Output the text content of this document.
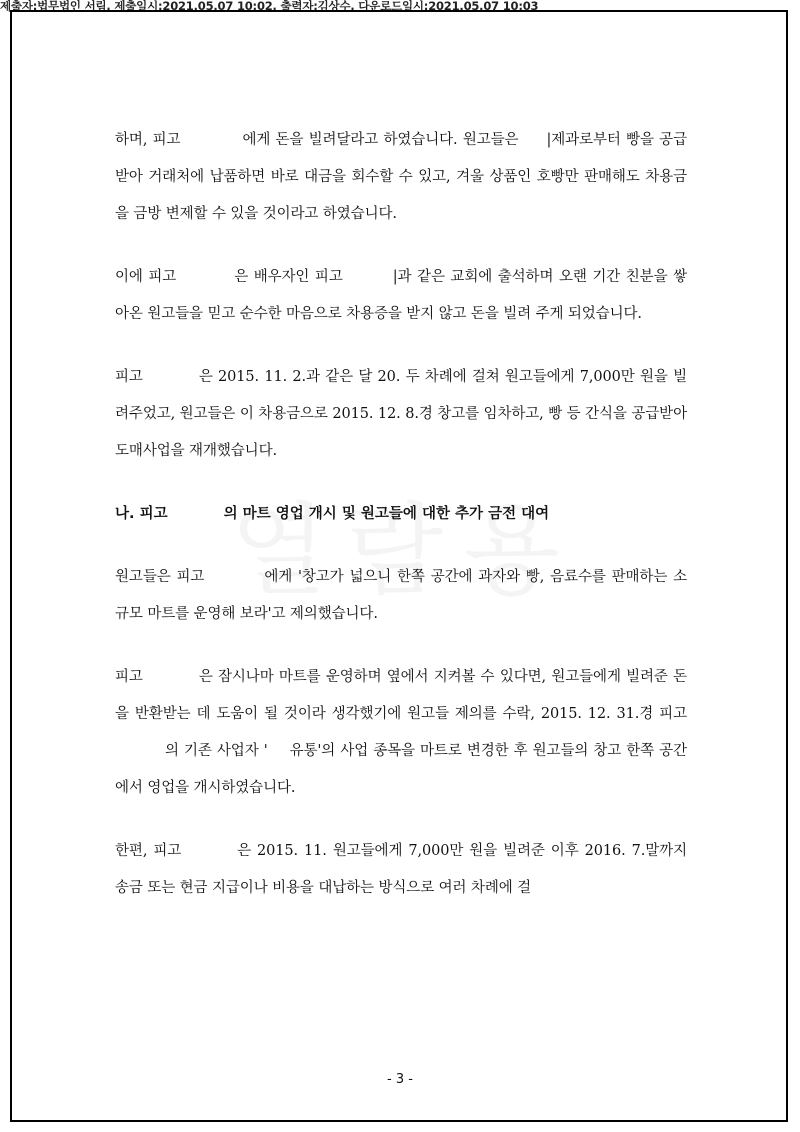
제출자:법무법인 서림, 제출일시:2021.05.07 10:02, 출력자:김상수, 다운로드일시:2021.05.07 10:03

하며, 피고	에게 돈을 빌려달라고 하였습니다. 원고들은 |제과로부터 빵을 공급받아 거래처에 납품하면 바로 대금을 회수할 수 있고, 겨울 상품인 호빵만 판매해도 차용금을 금방 변제할 수 있을 것이라고 하였습니다.

이에 피고	은 배우자인 피고	|과 같은 교회에 출석하며 오랜 기간 친분을 쌓아온 원고들을 믿고 순수한 마음으로 차용증을 받지 않고 돈을 빌려 주게 되었습니다.

피고	은 2015. 11. 2.과 같은 달 20. 두 차례에 걸쳐 원고들에게 7,000만 원을 빌려주었고, 원고들은 이 차용금으로 2015. 12. 8.경 창고를 임차하고, 빵 등 간식을 공급받아 도매사업을 재개했습니다.

나. 피고	의 마트 영업 개시 및 원고들에 대한 추가 금전 대여

원고들은 피고	에게 '창고가 넓으니 한쪽 공간에 과자와 빵, 음료수를 판매하는 소규모 마트를 운영해 보라'고 제의했습니다.

피고	은 잠시나마 마트를 운영하며 옆에서 지켜볼 수 있다면, 원고들에게 빌려준 돈을 반환받는 데 도움이 될 것이라 생각했기에 원고들 제의를 수락, 2015. 12. 31.경 피고의 기존 사업자 ' 유통'의 사업 종목을 마트로 변경한 후 원고들의 창고 한쪽 공간에서 영업을 개시하였습니다.

한편, 피고	은 2015. 11. 원고들에게 7,000만 원을 빌려준 이후 2016. 7.말까지 송금 또는 현금 지급이나 비용을 대납하는 방식으로 여러 차례에 걸

- 3 -
